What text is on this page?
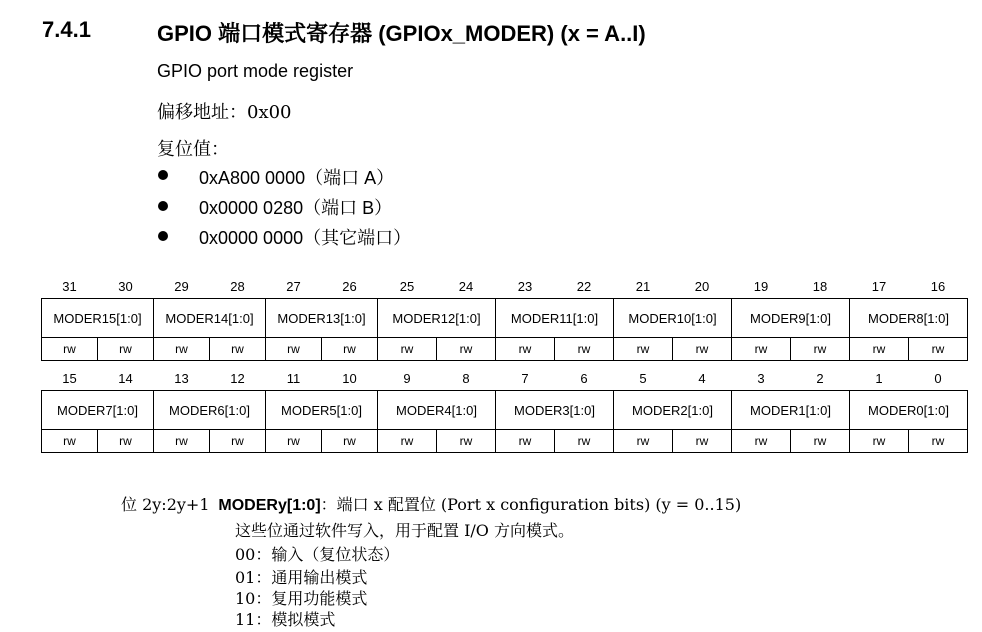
7.4.1	GPIO 端口模式寄存器 (GPIOx_MODER) (x = A..I)
GPIO port mode register
偏移地址：0x00
复位值：
0xA800 0000（端口 A）
0x0000 0280（端口 B）
0x0000 0000（其它端口）
31	30	29	28	27	26	25	24	23	22	21	20	19	18	17	16
MODER15[1:0]		MODER14[1:0]		MODER13[1:0]		MODER12[1:0]		MODER11[1:0]		MODER10[1:0]		MODER9[1:0]		MODER8[1:0]	
rw	rw	rw	rw	rw	rw	rw	rw	rw	rw	rw	rw	rw	rw	rw	rw
15	14	13	12	11	10	9	8	7	6	5	4	3	2	1	0
MODER7[1:0]		MODER6[1:0]		MODER5[1:0]		MODER4[1:0]		MODER3[1:0]		MODER2[1:0]		MODER1[1:0]		MODER0[1:0]	
rw	rw	rw	rw	rw	rw	rw	rw	rw	rw	rw	rw	rw	rw	rw	rw
位 2y:2y+1 MODERy[1:0]：端口 x 配置位 (Port x configuration bits) (y = 0..15)
这些位通过软件写入，用于配置 I/O 方向模式。
00：输入（复位状态）
01：通用输出模式
10：复用功能模式
11：模拟模式
